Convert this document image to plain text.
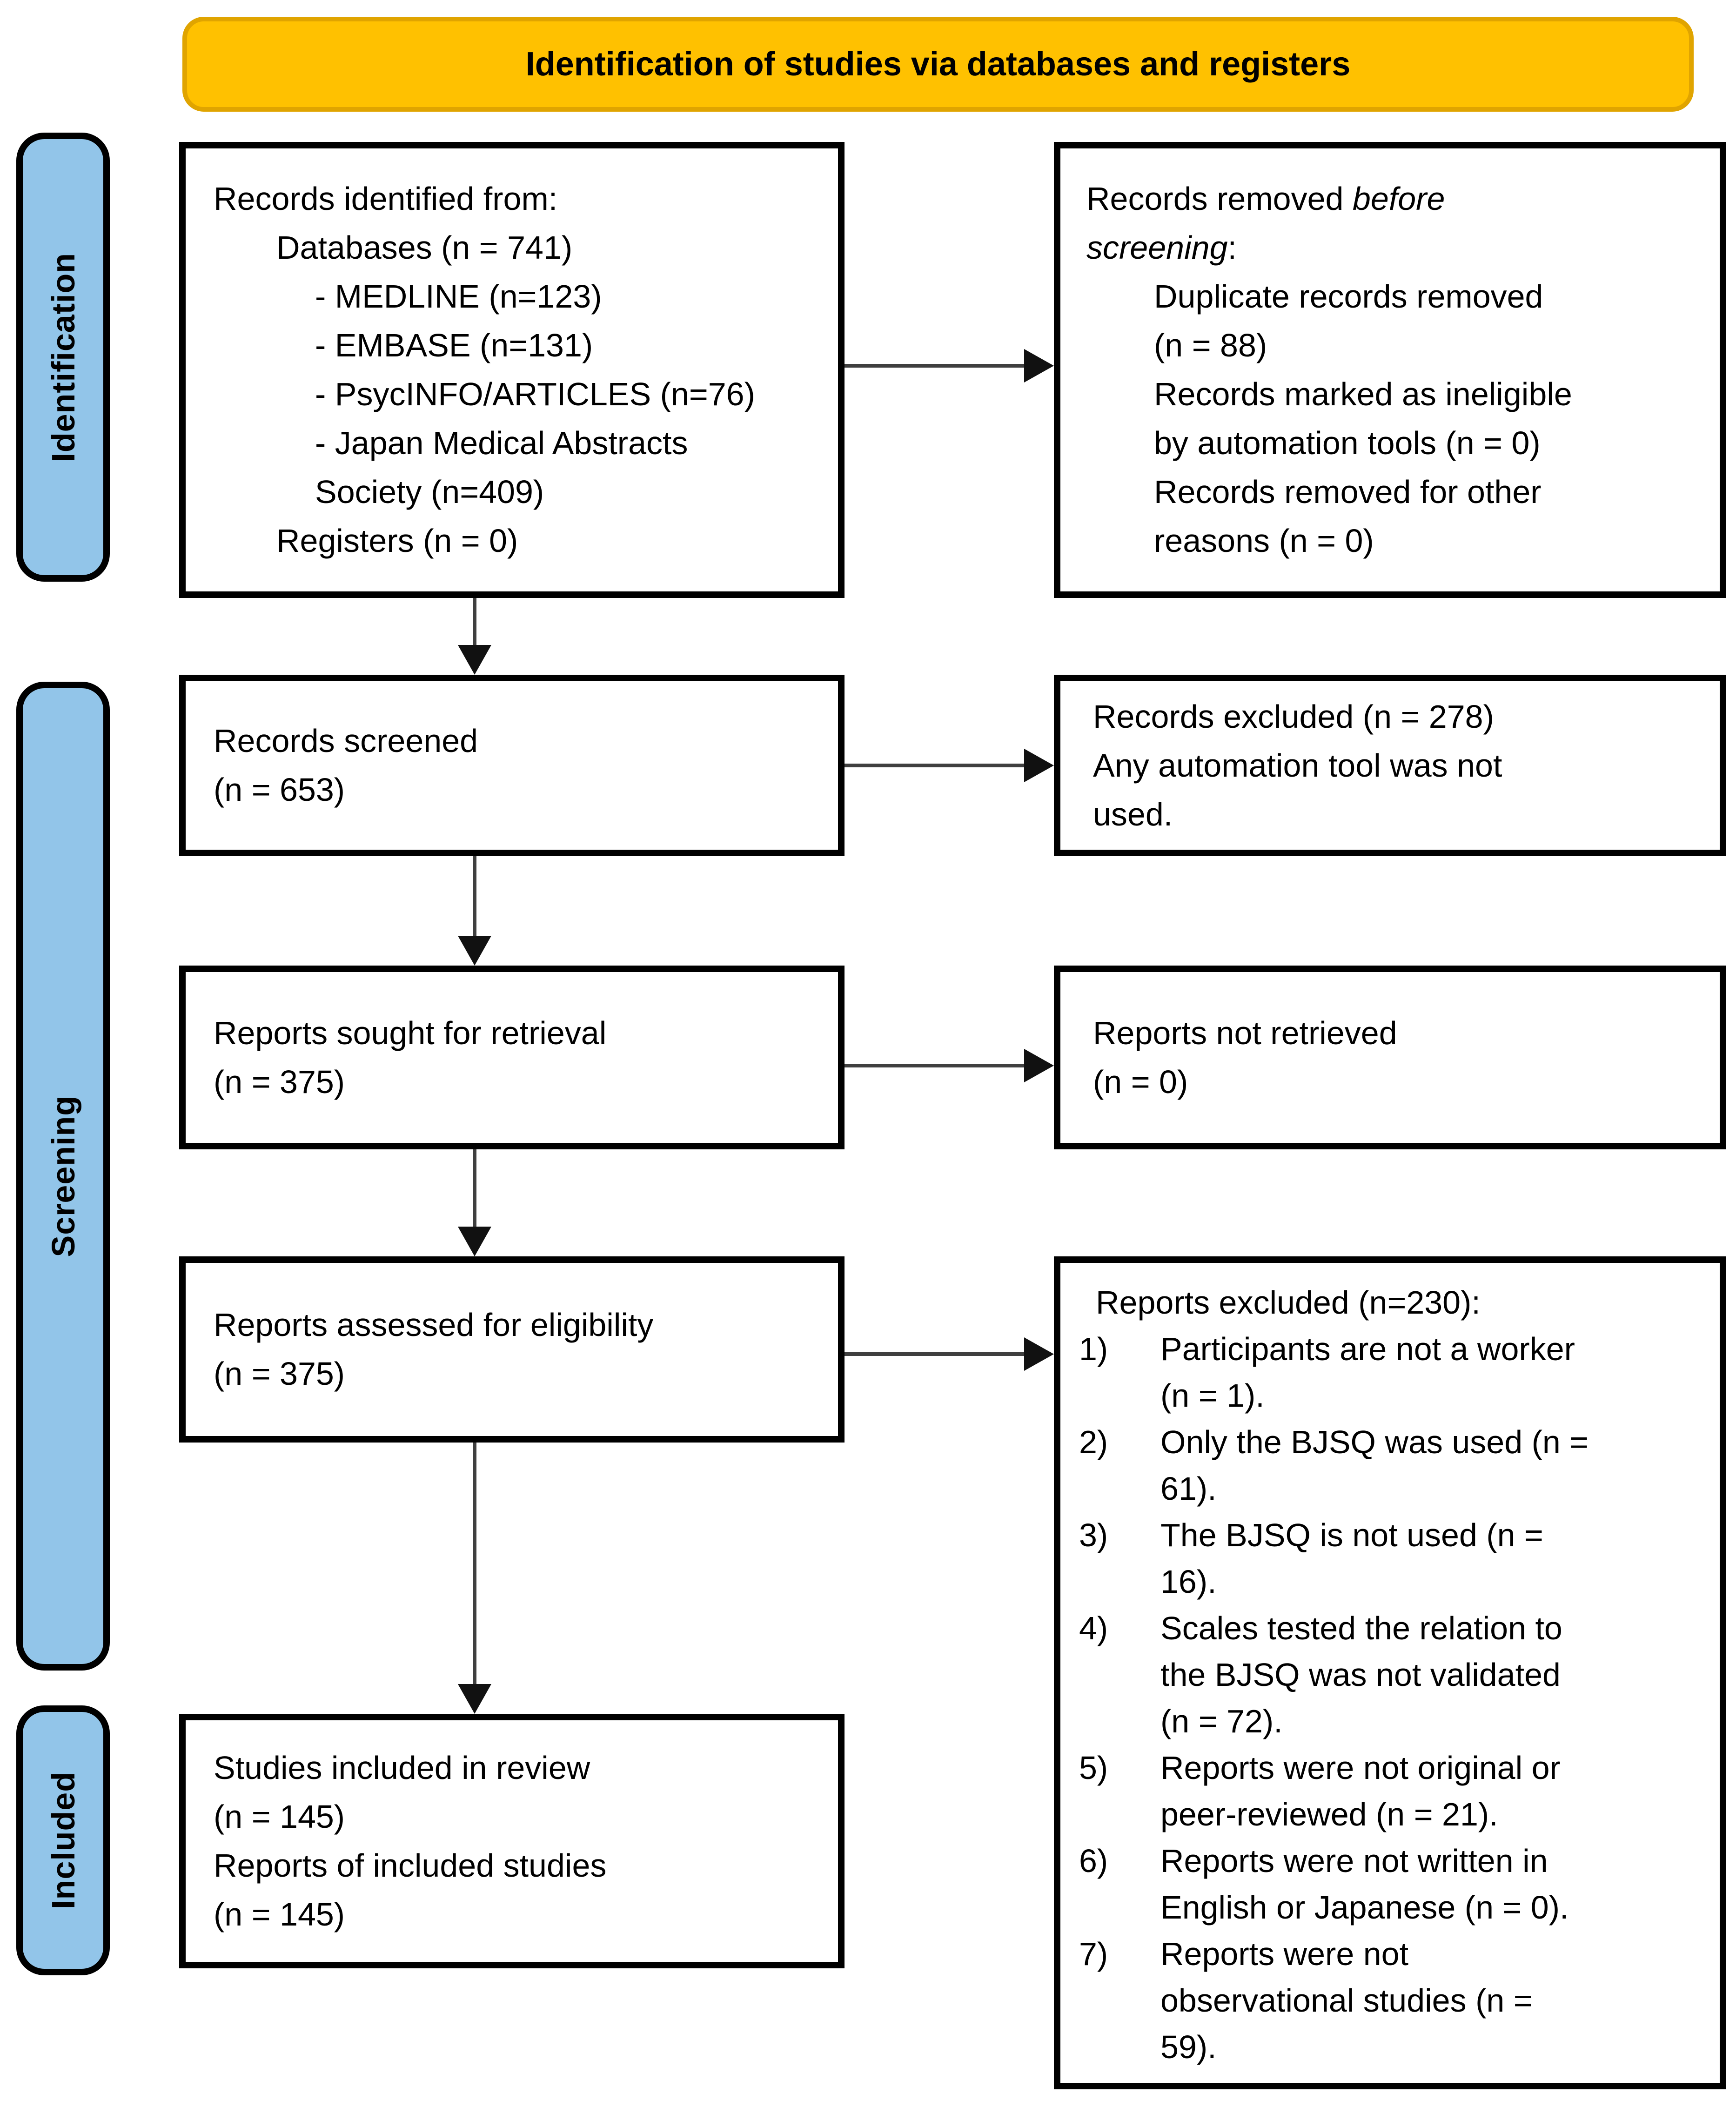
Identification of studies via databases and registers
Identification
Screening
Included
Records identified from:
Databases (n = 741)
- MEDLINE (n=123)
- EMBASE (n=131)
- PsycINFO/ARTICLES (n=76)
- Japan Medical Abstracts
Society (n=409)
Registers (n = 0)
Records removed before
screening:
Duplicate records removed
(n = 88)
Records marked as ineligible
by automation tools (n = 0)
Records removed for other
reasons (n = 0)
Records screened
(n = 653)
Records excluded (n = 278)
Any automation tool was not
used.
Reports sought for retrieval
(n = 375)
Reports not retrieved
(n = 0)
Reports assessed for eligibility
(n = 375)
Reports excluded (n=230):
1)	Participants are not a worker
(n = 1).
2)	Only the BJSQ was used (n =
61).
3)	The BJSQ is not used (n =
16).
4)	Scales tested the relation to
the BJSQ was not validated
(n = 72).
5)	Reports were not original or
peer-reviewed (n = 21).
6)	Reports were not written in
English or Japanese (n = 0).
7)	Reports were not
observational studies (n =
59).
Studies included in review
(n = 145)
Reports of included studies
(n = 145)
